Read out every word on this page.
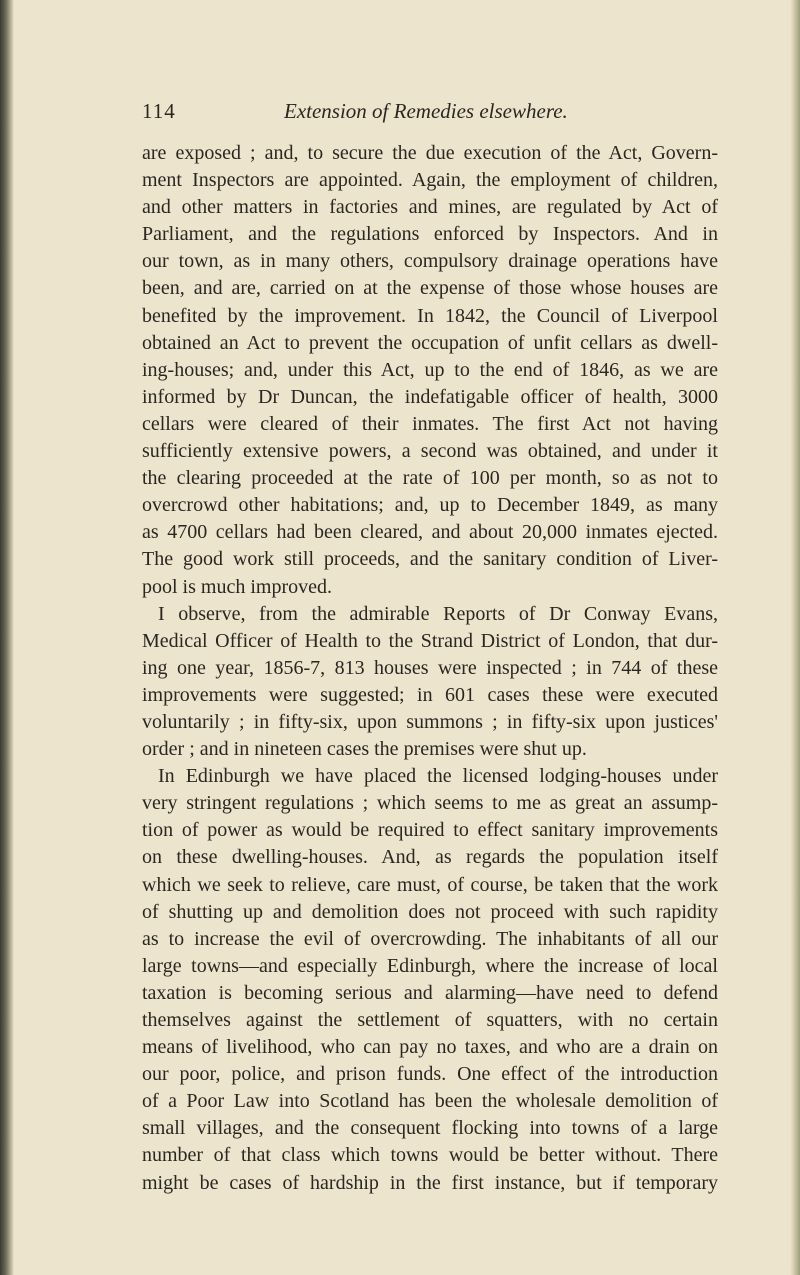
114	Extension of Remedies elsewhere.
are exposed ; and, to secure the due execution of the Act, Govern-
ment Inspectors are appointed. Again, the employment of children,
and other matters in factories and mines, are regulated by Act of
Parliament, and the regulations enforced by Inspectors. And in
our town, as in many others, compulsory drainage operations have
been, and are, carried on at the expense of those whose houses are
benefited by the improvement. In 1842, the Council of Liverpool
obtained an Act to prevent the occupation of unfit cellars as dwell-
ing-houses; and, under this Act, up to the end of 1846, as we are
informed by Dr Duncan, the indefatigable officer of health, 3000
cellars were cleared of their inmates. The first Act not having
sufficiently extensive powers, a second was obtained, and under it
the clearing proceeded at the rate of 100 per month, so as not to
overcrowd other habitations; and, up to December 1849, as many
as 4700 cellars had been cleared, and about 20,000 inmates ejected.
The good work still proceeds, and the sanitary condition of Liver-
pool is much improved.
I observe, from the admirable Reports of Dr Conway Evans,
Medical Officer of Health to the Strand District of London, that dur-
ing one year, 1856-7, 813 houses were inspected ; in 744 of these
improvements were suggested; in 601 cases these were executed
voluntarily ; in fifty-six, upon summons ; in fifty-six upon justices'
order ; and in nineteen cases the premises were shut up.
In Edinburgh we have placed the licensed lodging-houses under
very stringent regulations ; which seems to me as great an assump-
tion of power as would be required to effect sanitary improvements
on these dwelling-houses. And, as regards the population itself
which we seek to relieve, care must, of course, be taken that the work
of shutting up and demolition does not proceed with such rapidity
as to increase the evil of overcrowding. The inhabitants of all our
large towns—and especially Edinburgh, where the increase of local
taxation is becoming serious and alarming—have need to defend
themselves against the settlement of squatters, with no certain
means of livelihood, who can pay no taxes, and who are a drain on
our poor, police, and prison funds. One effect of the introduction
of a Poor Law into Scotland has been the wholesale demolition of
small villages, and the consequent flocking into towns of a large
number of that class which towns would be better without. There
might be cases of hardship in the first instance, but if temporary
